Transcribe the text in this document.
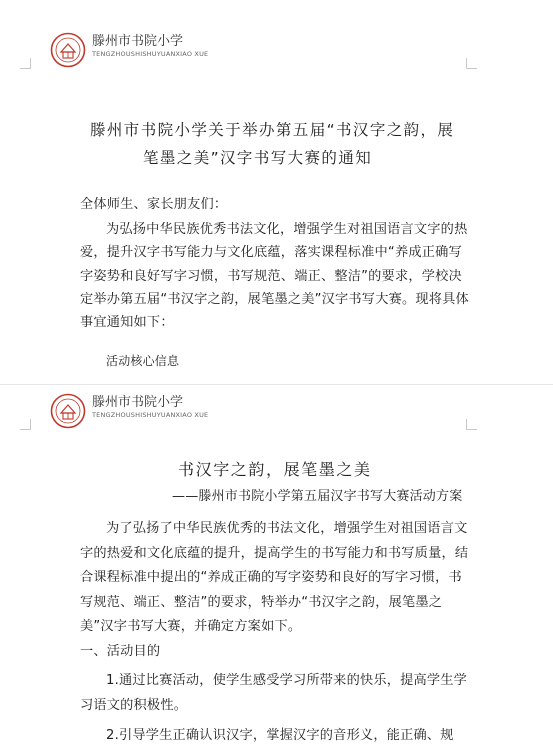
滕州市书院小学
TENGZHOUSHISHUYUANXIAO XUE
滕州市书院小学关于举办第五届“书汉字之韵，展
笔墨之美”汉字书写大赛的通知
全体师生、家长朋友们：
为弘扬中华民族优秀书法文化，增强学生对祖国语言文字的热爱，提升汉字书写能力与文化底蕴，落实课程标准中“养成正确写字姿势和良好写字习惯，书写规范、端正、整洁”的要求，学校决定举办第五届“书汉字之韵，展笔墨之美”汉字书写大赛。现将具体事宜通知如下：
活动核心信息
滕州市书院小学
TENGZHOUSHISHUYUANXIAO XUE
书汉字之韵，展笔墨之美
——滕州市书院小学第五届汉字书写大赛活动方案
为了弘扬了中华民族优秀的书法文化，增强学生对祖国语言文字的热爱和文化底蕴的提升，提高学生的书写能力和书写质量，结合课程标准中提出的“养成正确的写字姿势和良好的写字习惯，书写规范、端正、整洁”的要求，特举办“书汉字之韵，展笔墨之美”汉字书写大赛，并确定方案如下。
一、活动目的
1.通过比赛活动，使学生感受学习所带来的快乐，提高学生学习语文的积极性。
2.引导学生正确认识汉字，掌握汉字的音形义，能正确、规
